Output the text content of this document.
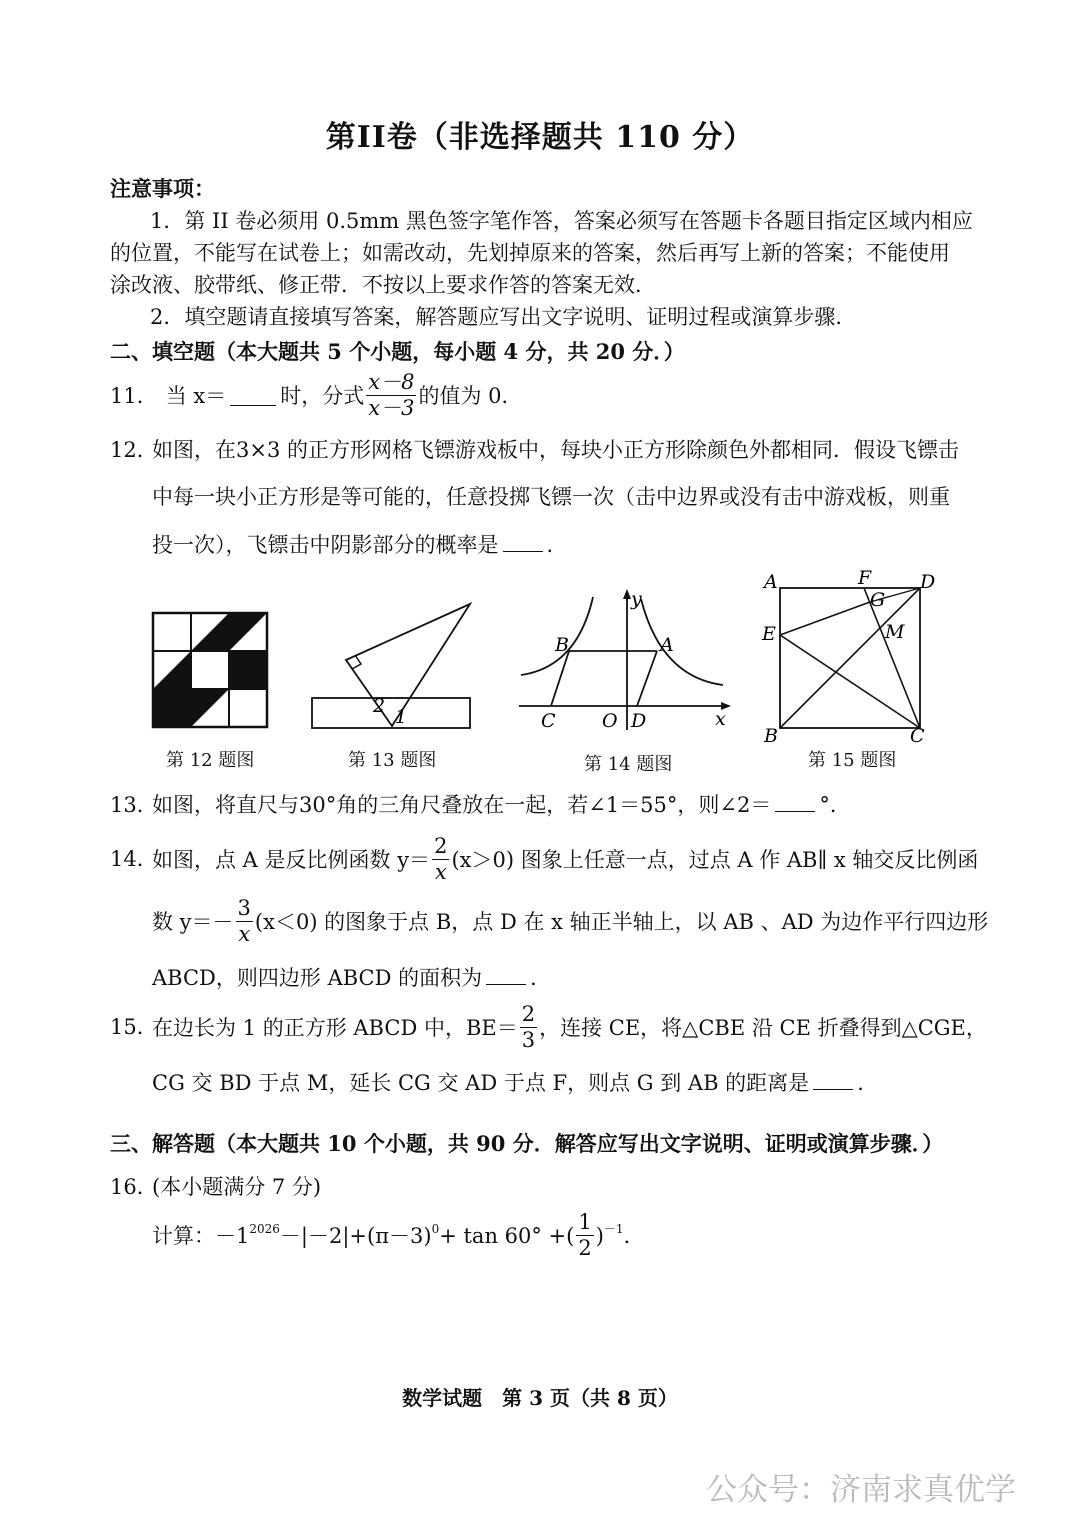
第II卷（非选择题共 110 分）
注意事项：
1．第 II 卷必须用 0.5mm 黑色签字笔作答，答案必须写在答题卡各题目指定区域内相应
的位置，不能写在试卷上；如需改动，先划掉原来的答案，然后再写上新的答案；不能使用
涂改液、胶带纸、修正带．不按以上要求作答的答案无效．
2．填空题请直接填写答案，解答题应写出文字说明、证明过程或演算步骤．
二、填空题（本大题共 5 个小题，每小题 4 分，共 20 分．）
11． 当 x＝	时，分式 $\frac{x-8}{x-3}$ 的值为 0．
12．
如图，在3×3 的正方形网格飞镖游戏板中，每块小正方形除颜色外都相同．假设飞镖击
中每一块小正方形是等可能的，任意投掷飞镖一次（击中边界或没有击中游戏板，则重
投一次），飞镖击中阴影部分的概率是 ．
第 12 题图
2 1
第 13 题图
y
x
B	A
C O D
第 14 题图
A	F	D
G
E	M
B	C
第 15 题图
13．
如图，将直尺与30°角的三角尺叠放在一起，若∠1＝55°，则∠2＝ °．
14．
如图，点 A 是反比例函数 $y= \frac{2}{x} (x>0)$ 图象上任意一点，过点 A 作 AB∥ x 轴交反比例函
数 $y=- \frac{3}{x} (x<0)$ 的图象于点 B，点 D 在 x 轴正半轴上，以 AB 、AD 为边作平行四边形
ABCD，则四边形 ABCD 的面积为 ．
15．
在边长为 1 的正方形 ABCD 中，$BE= \frac{2}{3}$ ，连接 CE，将△CBE 沿 CE 折叠得到△CGE，
CG 交 BD 于点 M，延长 CG 交 AD 于点 F，则点 G 到 AB 的距离是 ．
三、解答题（本大题共 10 个小题，共 90 分．解答应写出文字说明、证明或演算步骤．）
16．
(本小题满分 7 分)
计算： $-1^{2026} -|-2|+(\pi-3)^0 + \tan 60^\circ$ +( $\frac{1}{2} )^{-1}$ ．
数学试题　第 3 页（共 8 页）
公众号：济南求真优学
